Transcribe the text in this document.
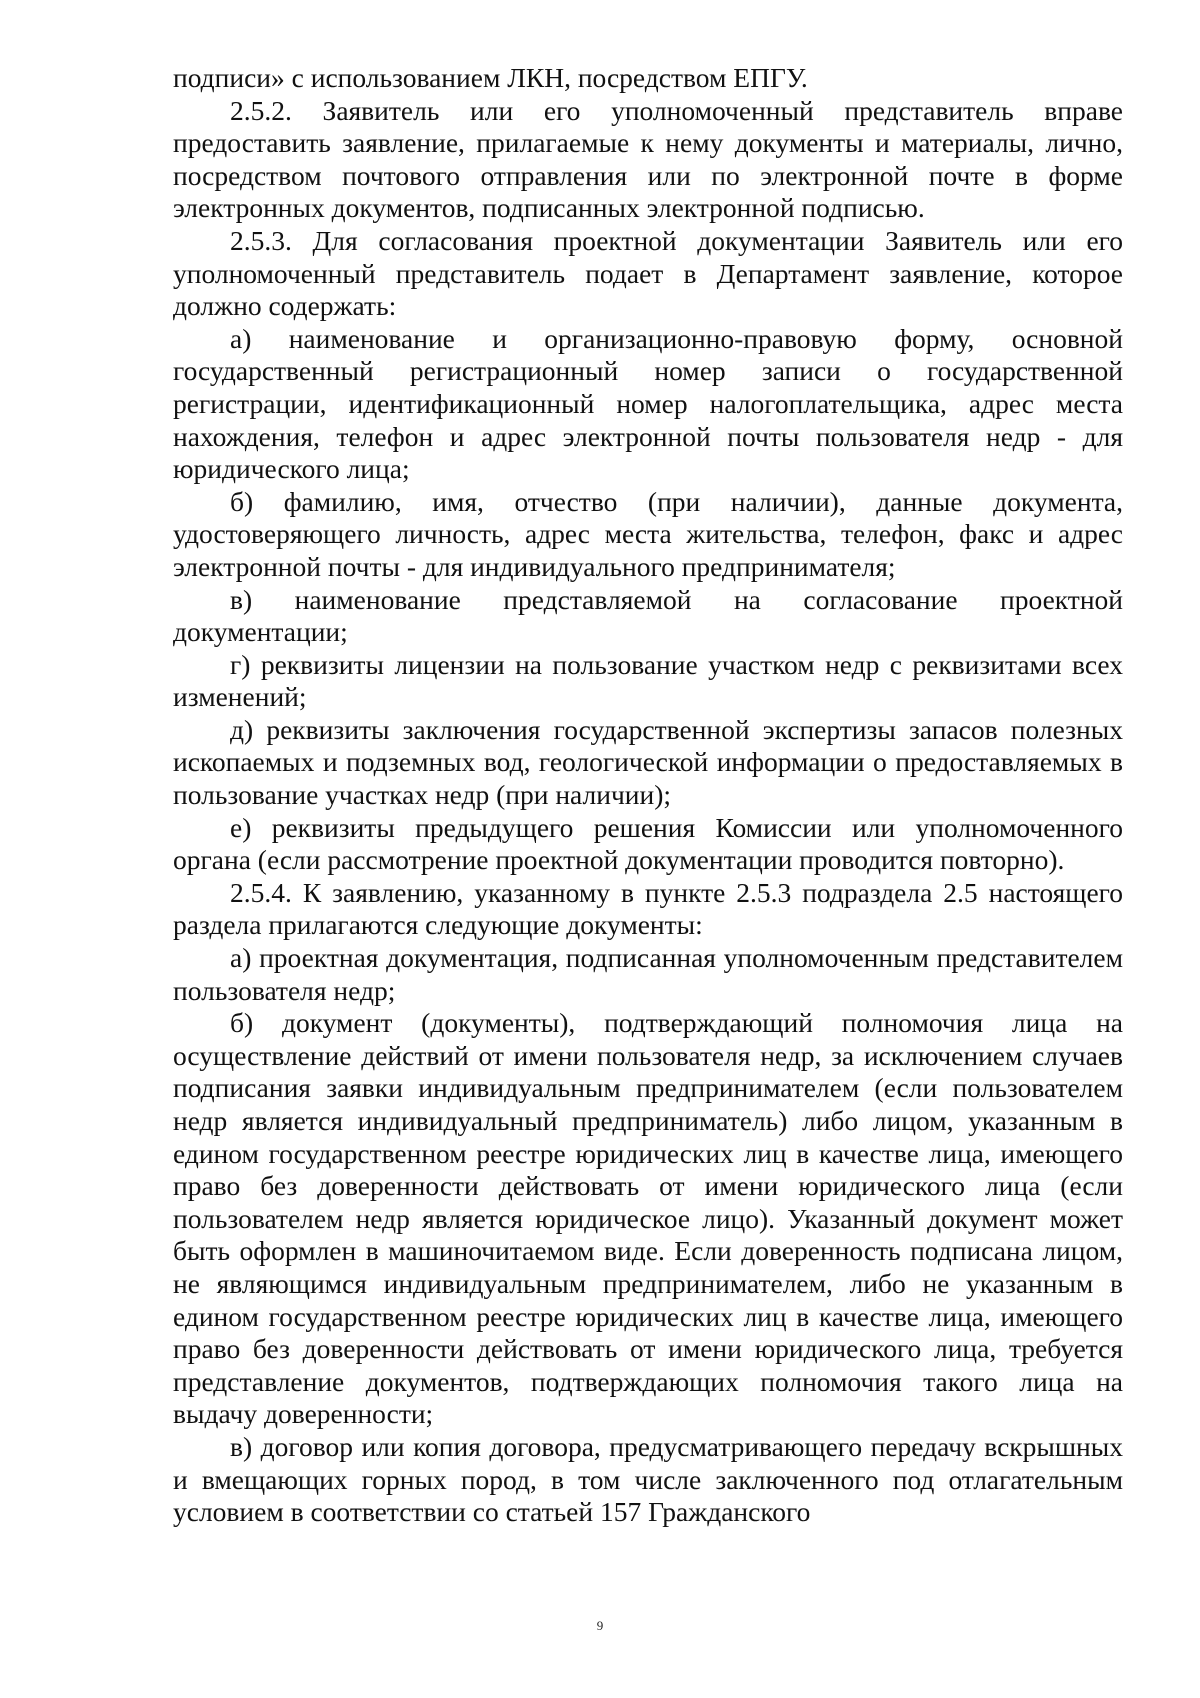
подписи» с использованием ЛКН, посредством ЕПГУ.

2.5.2. Заявитель или его уполномоченный представитель вправе предоставить заявление, прилагаемые к нему документы и материалы, лично, посредством почтового отправления или по электронной почте в форме электронных документов, подписанных электронной подписью.

2.5.3. Для согласования проектной документации Заявитель или его уполномоченный представитель подает в Департамент заявление, которое должно содержать:

а) наименование и организационно-правовую форму, основной государственный регистрационный номер записи о государственной регистрации, идентификационный номер налогоплательщика, адрес места нахождения, телефон и адрес электронной почты пользователя недр - для юридического лица;

б) фамилию, имя, отчество (при наличии), данные документа, удостоверяющего личность, адрес места жительства, телефон, факс и адрес электронной почты - для индивидуального предпринимателя;

в) наименование представляемой на согласование проектной документации;

г) реквизиты лицензии на пользование участком недр с реквизитами всех изменений;

д) реквизиты заключения государственной экспертизы запасов полезных ископаемых и подземных вод, геологической информации о предоставляемых в пользование участках недр (при наличии);

е) реквизиты предыдущего решения Комиссии или уполномоченного органа (если рассмотрение проектной документации проводится повторно).

2.5.4. К заявлению, указанному в пункте 2.5.3 подраздела 2.5 настоящего раздела прилагаются следующие документы:

а) проектная документация, подписанная уполномоченным представителем пользователя недр;

б) документ (документы), подтверждающий полномочия лица на осуществление действий от имени пользователя недр, за исключением случаев подписания заявки индивидуальным предпринимателем (если пользователем недр является индивидуальный предприниматель) либо лицом, указанным в едином государственном реестре юридических лиц в качестве лица, имеющего право без доверенности действовать от имени юридического лица (если пользователем недр является юридическое лицо). Указанный документ может быть оформлен в машиночитаемом виде. Если доверенность подписана лицом, не являющимся индивидуальным предпринимателем, либо не указанным в едином государственном реестре юридических лиц в качестве лица, имеющего право без доверенности действовать от имени юридического лица, требуется представление документов, подтверждающих полномочия такого лица на выдачу доверенности;

в) договор или копия договора, предусматривающего передачу вскрышных и вмещающих горных пород, в том числе заключенного под отлагательным условием в соответствии со статьей 157 Гражданского

9
